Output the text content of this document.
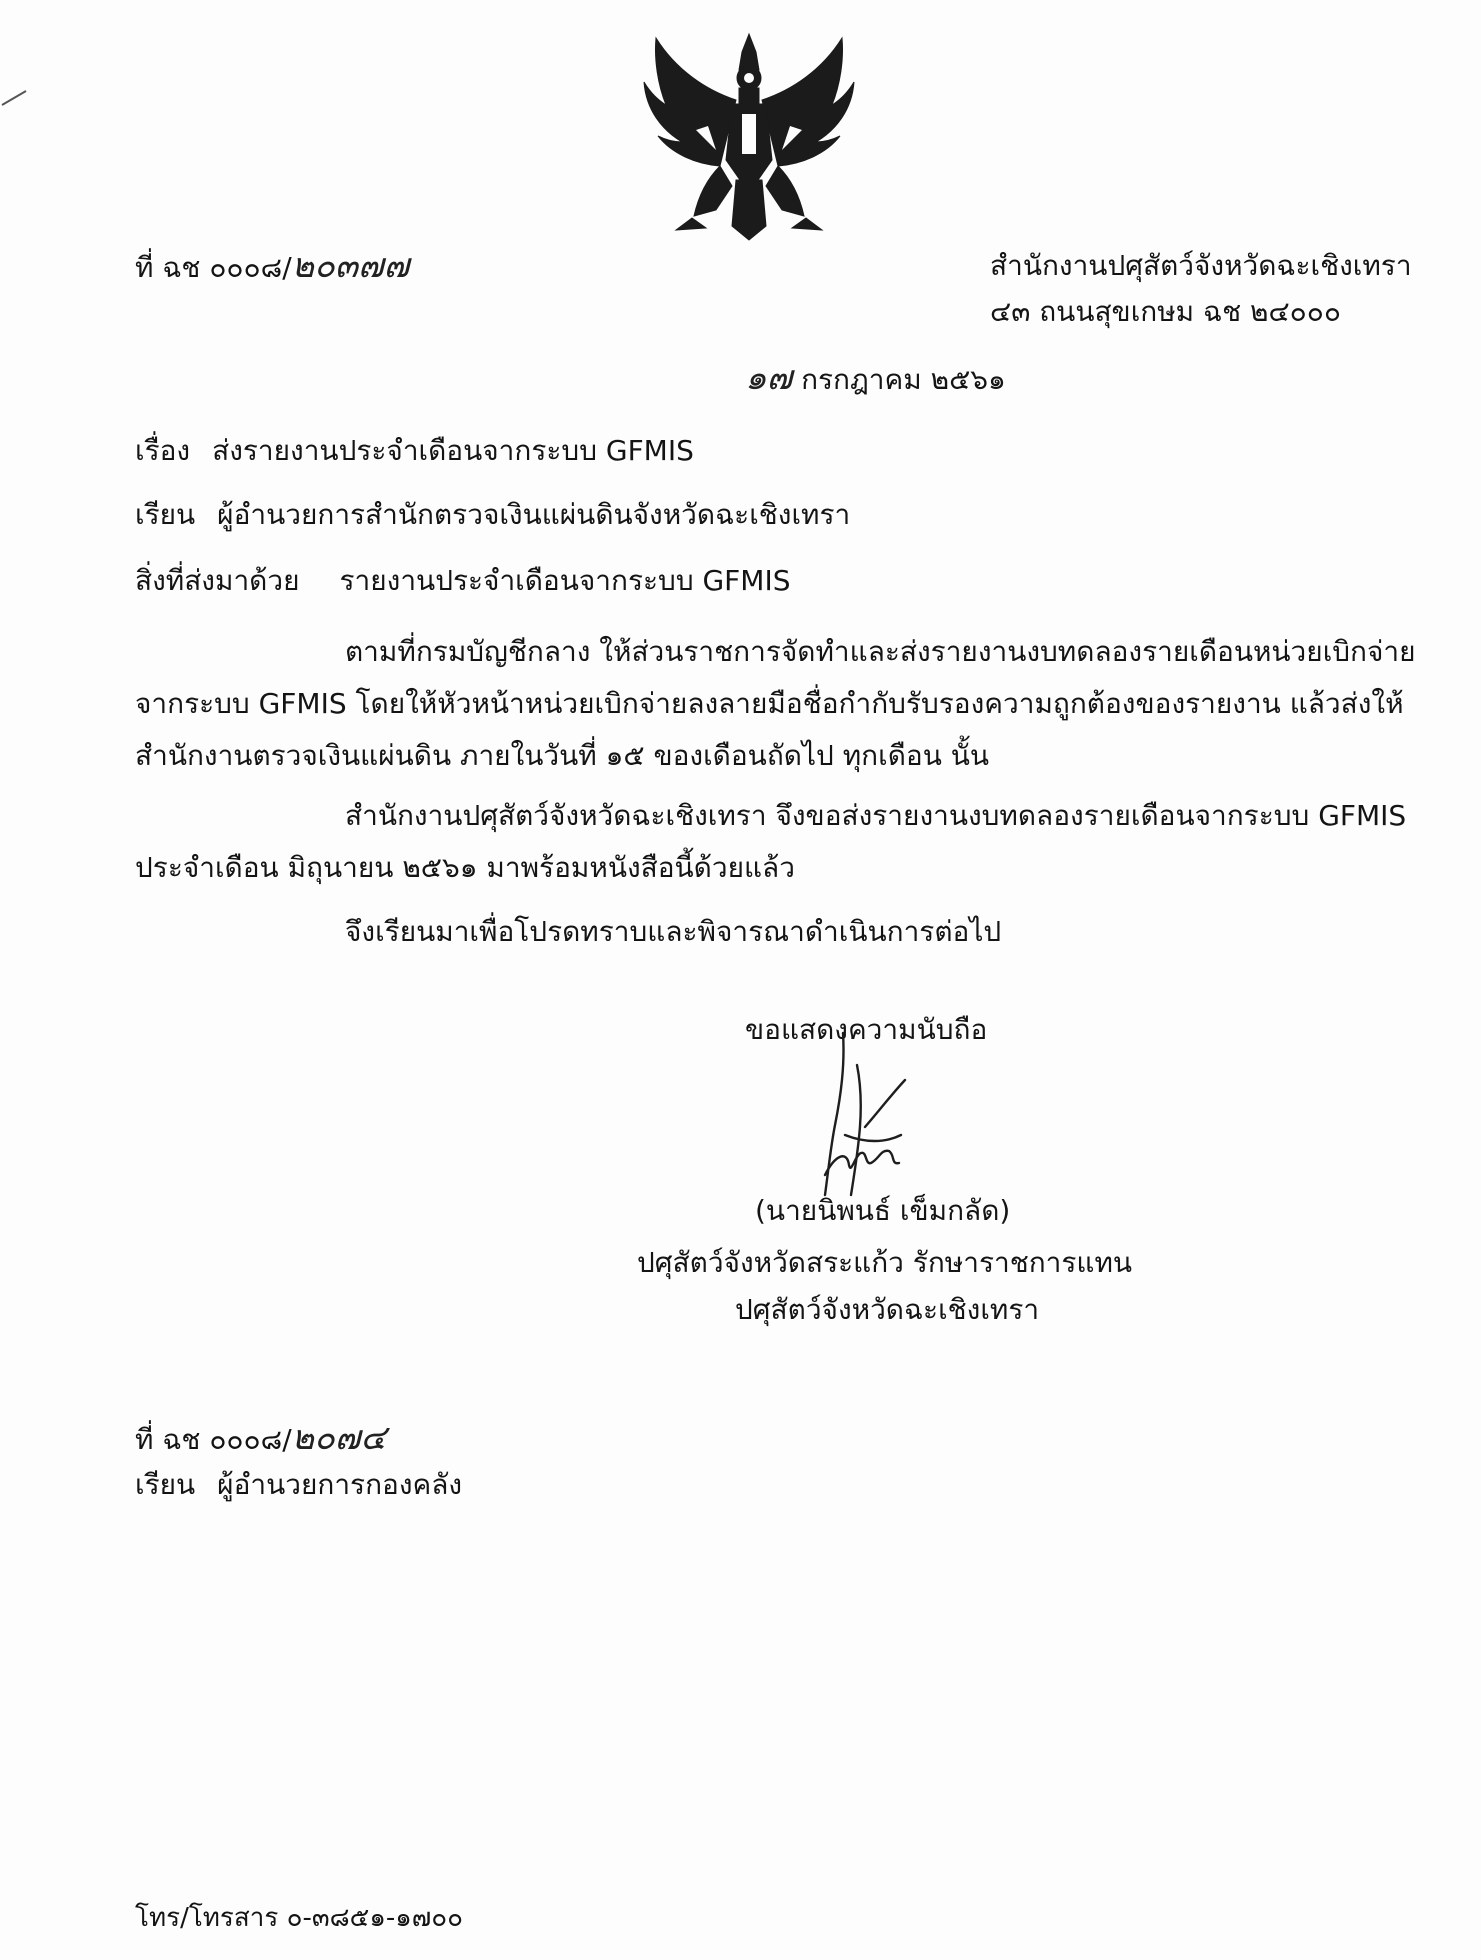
ที่ ฉช ๐๐๐๘/๒๐๓๗๗	สำนักงานปศุสัตว์จังหวัดฉะเชิงเทรา
๔๓ ถนนสุขเกษม ฉช ๒๔๐๐๐
๑๗ กรกฎาคม ๒๕๖๑
เรื่อง ส่งรายงานประจำเดือนจากระบบ GFMIS
เรียน ผู้อำนวยการสำนักตรวจเงินแผ่นดินจังหวัดฉะเชิงเทรา
สิ่งที่ส่งมาด้วย รายงานประจำเดือนจากระบบ GFMIS
ตามที่กรมบัญชีกลาง ให้ส่วนราชการจัดทำและส่งรายงานงบทดลองรายเดือนหน่วยเบิกจ่าย
จากระบบ GFMIS โดยให้หัวหน้าหน่วยเบิกจ่ายลงลายมือชื่อกำกับรับรองความถูกต้องของรายงาน แล้วส่งให้
สำนักงานตรวจเงินแผ่นดิน ภายในวันที่ ๑๕ ของเดือนถัดไป ทุกเดือน นั้น
สำนักงานปศุสัตว์จังหวัดฉะเชิงเทรา จึงขอส่งรายงานงบทดลองรายเดือนจากระบบ GFMIS
ประจำเดือน มิถุนายน ๒๕๖๑ มาพร้อมหนังสือนี้ด้วยแล้ว
จึงเรียนมาเพื่อโปรดทราบและพิจารณาดำเนินการต่อไป
ขอแสดงความนับถือ
(นายนิพนธ์ เข็มกลัด)
ปศุสัตว์จังหวัดสระแก้ว รักษาราชการแทน
ปศุสัตว์จังหวัดฉะเชิงเทรา
ที่ ฉช ๐๐๐๘/๒๐๗๔
เรียน ผู้อำนวยการกองคลัง
โทร/โทรสาร ๐-๓๘๕๑-๑๗๐๐
